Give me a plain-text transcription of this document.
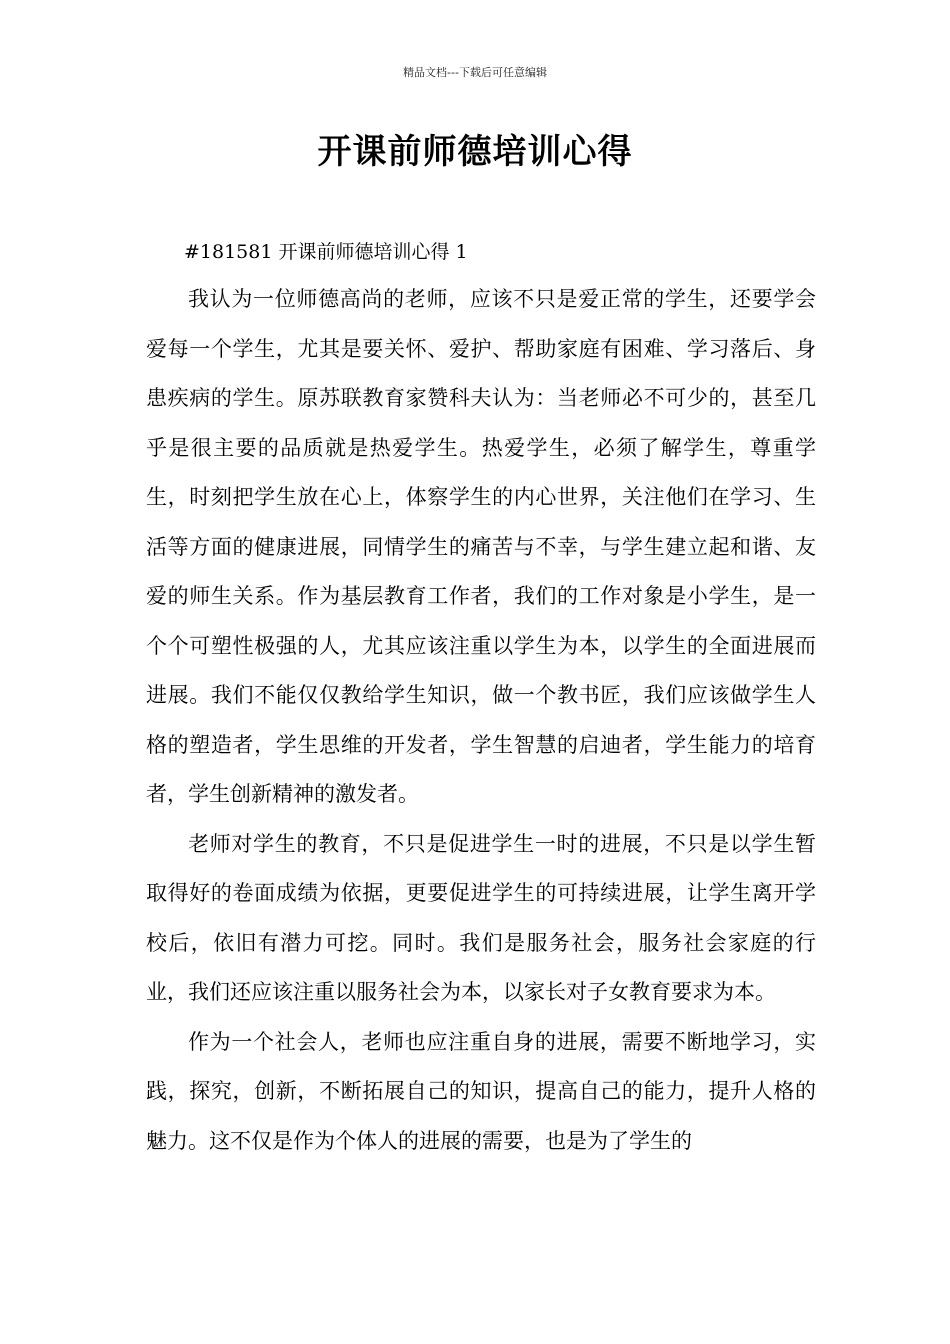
精品文档---下载后可任意编辑
开课前师德培训心得
#181581 开课前师德培训心得 1

我认为一位师德高尚的老师，应该不只是爱正常的学生，还要学会爱每一个学生，尤其是要关怀、爱护、帮助家庭有困难、学习落后、身患疾病的学生。原苏联教育家赞科夫认为：当老师必不可少的，甚至几乎是很主要的品质就是热爱学生。热爱学生，必须了解学生，尊重学生，时刻把学生放在心上，体察学生的内心世界，关注他们在学习、生活等方面的健康进展，同情学生的痛苦与不幸，与学生建立起和谐、友爱的师生关系。作为基层教育工作者，我们的工作对象是小学生，是一个个可塑性极强的人，尤其应该注重以学生为本，以学生的全面进展而进展。我们不能仅仅教给学生知识，做一个教书匠，我们应该做学生人格的塑造者，学生思维的开发者，学生智慧的启迪者，学生能力的培育者，学生创新精神的激发者。

老师对学生的教育，不只是促进学生一时的进展，不只是以学生暂取得好的卷面成绩为依据，更要促进学生的可持续进展，让学生离开学校后，依旧有潜力可挖。同时。我们是服务社会，服务社会家庭的行业，我们还应该注重以服务社会为本，以家长对子女教育要求为本。

作为一个社会人，老师也应注重自身的进展，需要不断地学习，实践，探究，创新，不断拓展自己的知识，提高自己的能力，提升人格的魅力。这不仅是作为个体人的进展的需要，也是为了学生的
